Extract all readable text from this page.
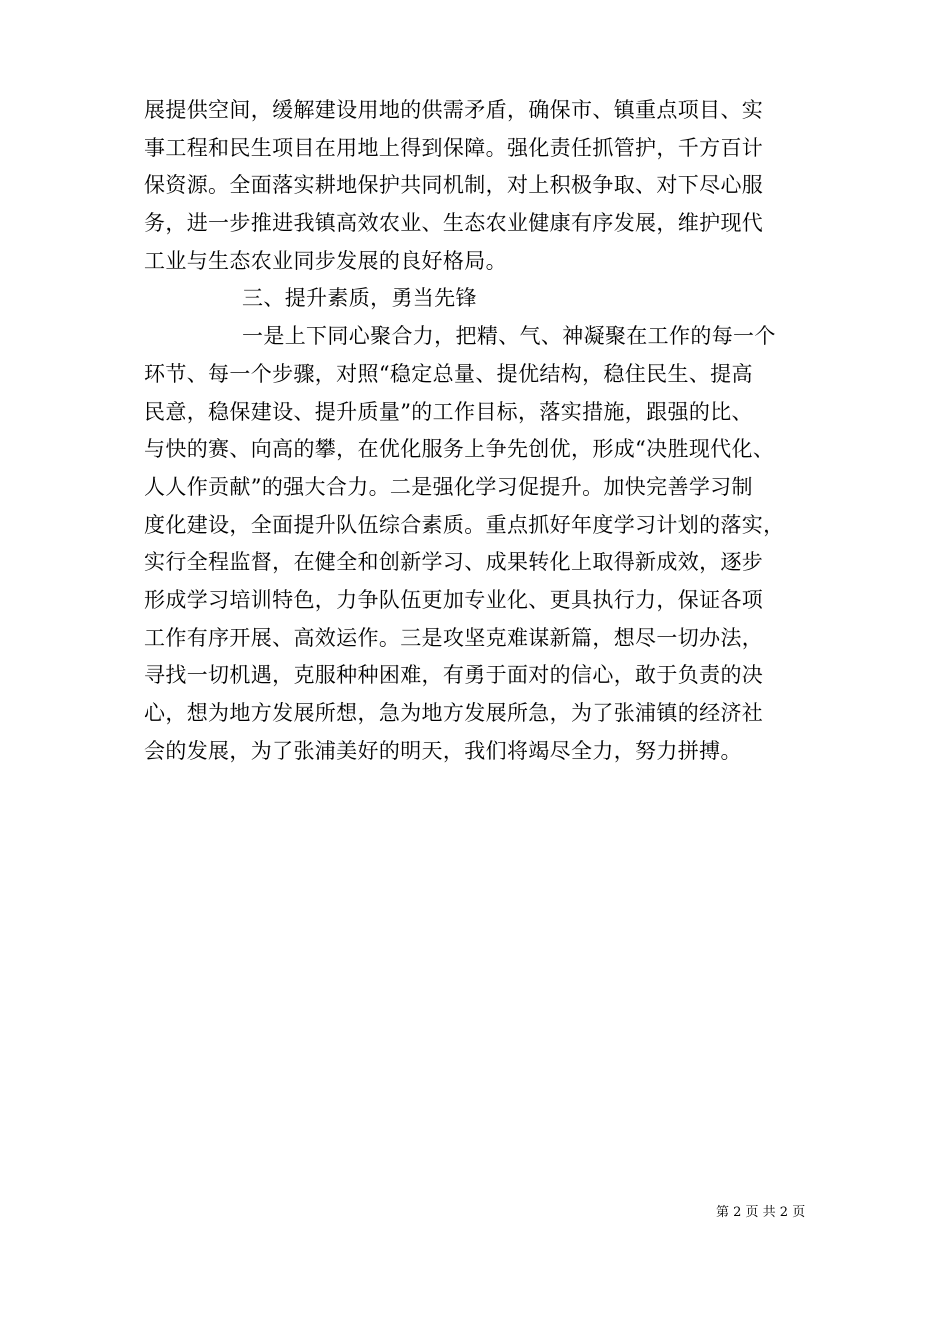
展提供空间，缓解建设用地的供需矛盾，确保市、镇重点项目、实
事工程和民生项目在用地上得到保障。强化责任抓管护，千方百计
保资源。全面落实耕地保护共同机制，对上积极争取、对下尽心服
务，进一步推进我镇高效农业、生态农业健康有序发展，维护现代
工业与生态农业同步发展的良好格局。
三、提升素质，勇当先锋
一是上下同心聚合力，把精、气、神凝聚在工作的每一个
环节、每一个步骤，对照“稳定总量、提优结构，稳住民生、提高
民意，稳保建设、提升质量”的工作目标，落实措施，跟强的比、
与快的赛、向高的攀，在优化服务上争先创优，形成“决胜现代化、
人人作贡献”的强大合力。二是强化学习促提升。加快完善学习制
度化建设，全面提升队伍综合素质。重点抓好年度学习计划的落实，
实行全程监督，在健全和创新学习、成果转化上取得新成效，逐步
形成学习培训特色，力争队伍更加专业化、更具执行力，保证各项
工作有序开展、高效运作。三是攻坚克难谋新篇，想尽一切办法，
寻找一切机遇，克服种种困难，有勇于面对的信心，敢于负责的决
心，想为地方发展所想，急为地方发展所急，为了张浦镇的经济社
会的发展，为了张浦美好的明天，我们将竭尽全力，努力拼搏。
第 2 页 共 2 页
